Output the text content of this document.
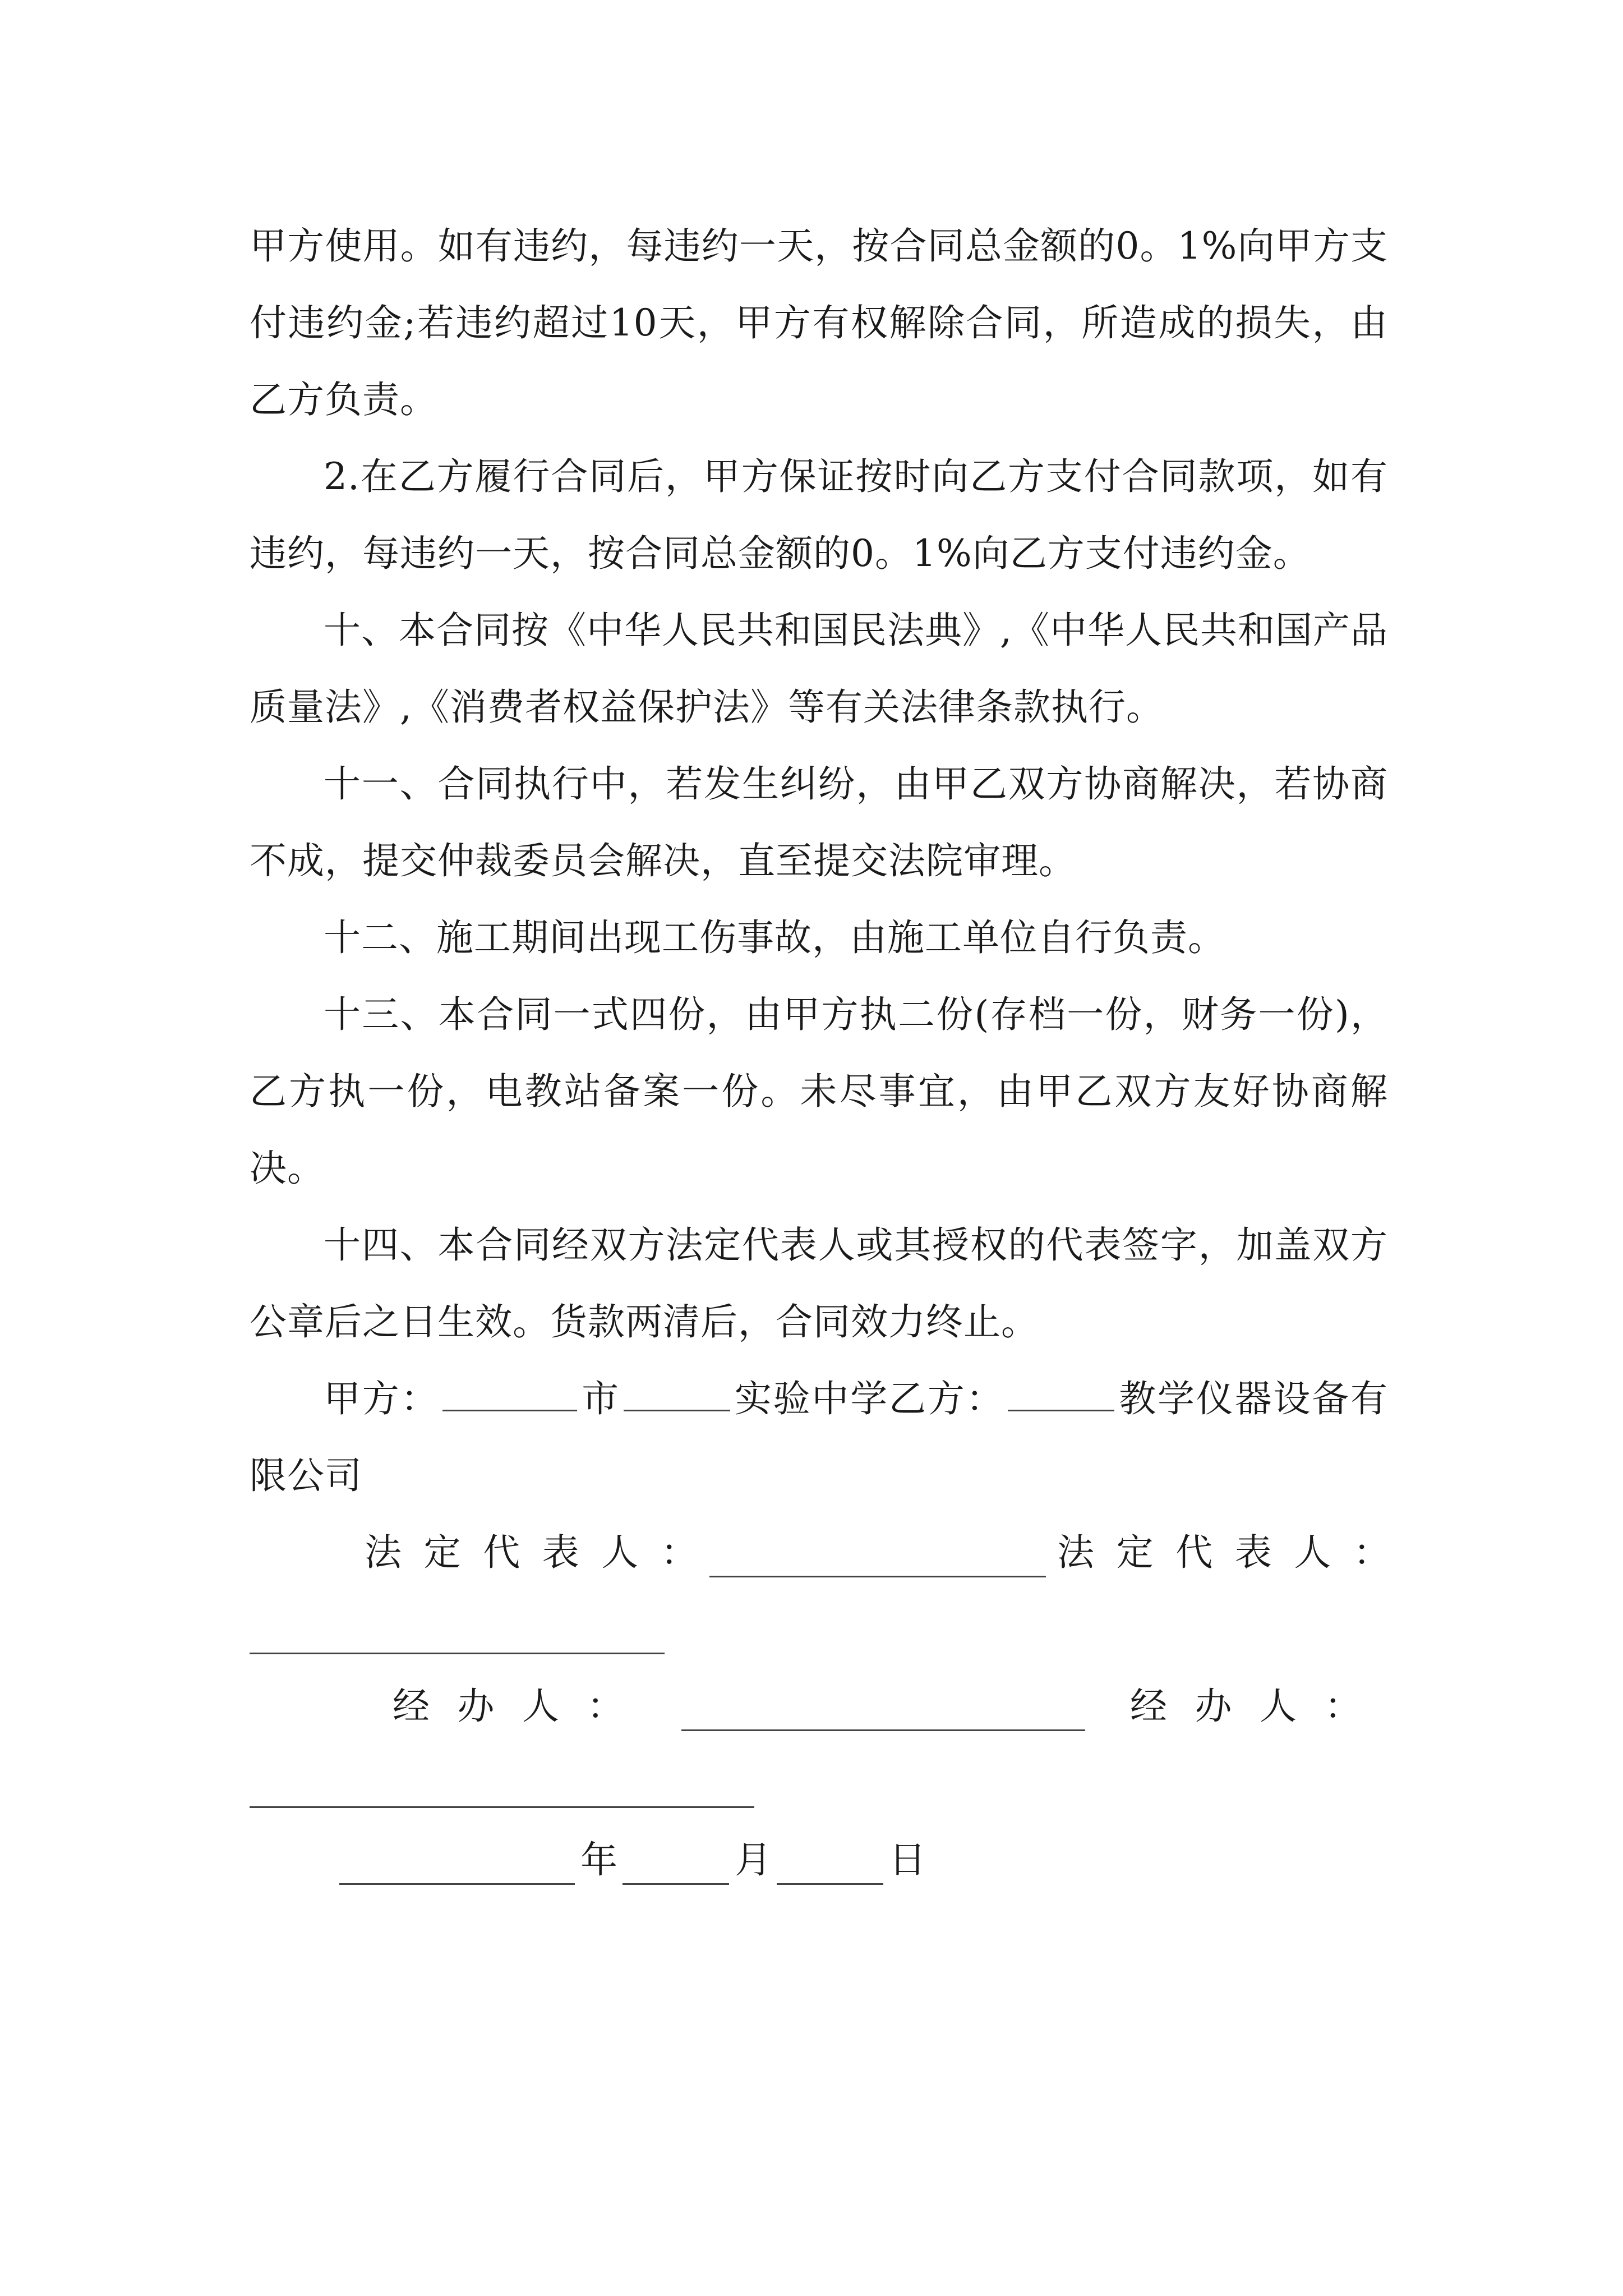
甲方使用。如有违约，每违约一天，按合同总金额的0。1%向甲方支付违约金;若违约超过10天，甲方有权解除合同，所造成的损失，由乙方负责。

2.在乙方履行合同后，甲方保证按时向乙方支付合同款项，如有违约，每违约一天，按合同总金额的0。1%向乙方支付违约金。

十、本合同按《中华人民共和国民法典》,《中华人民共和国产品质量法》,《消费者权益保护法》等有关法律条款执行。

十一、合同执行中，若发生纠纷，由甲乙双方协商解决，若协商不成，提交仲裁委员会解决，直至提交法院审理。

十二、施工期间出现工伤事故，由施工单位自行负责。

十三、本合同一式四份，由甲方执二份(存档一份，财务一份)，乙方执一份，电教站备案一份。未尽事宜，由甲乙双方友好协商解决。

十四、本合同经双方法定代表人或其授权的代表签字，加盖双方公章后之日生效。货款两清后，合同效力终止。

甲方：	市	实验中学乙方：	教学仪器设备有限公司

法定代表人：	法定代表人：
经办人：	经办人：
年	月	日
